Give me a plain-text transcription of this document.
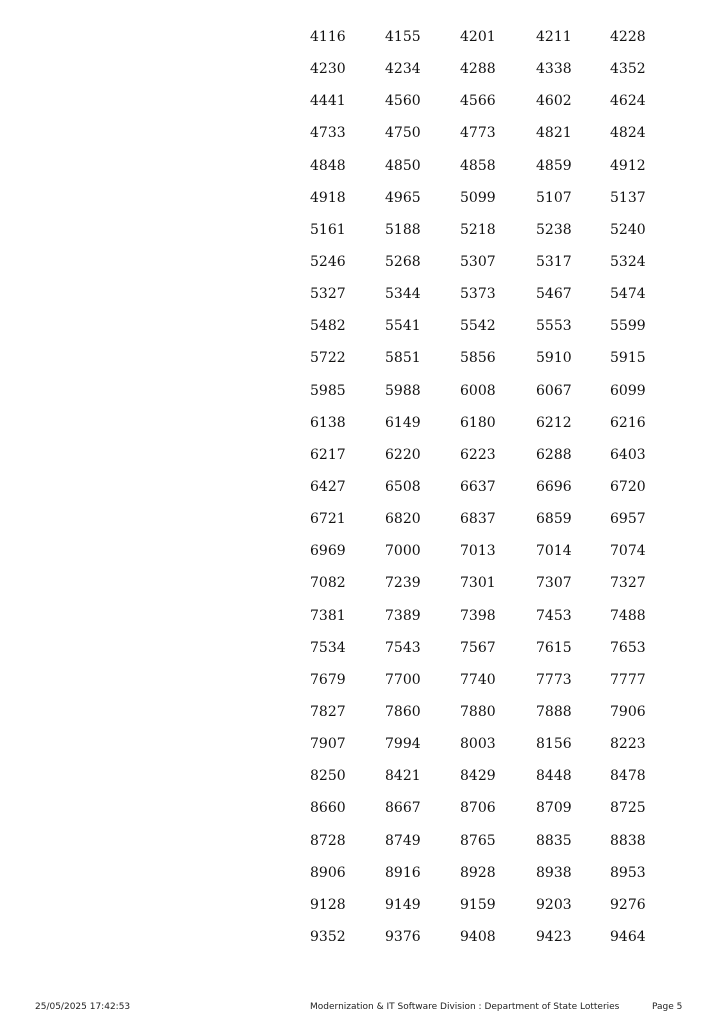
4116	4155	4201	4211	4228
4230	4234	4288	4338	4352
4441	4560	4566	4602	4624
4733	4750	4773	4821	4824
4848	4850	4858	4859	4912
4918	4965	5099	5107	5137
5161	5188	5218	5238	5240
5246	5268	5307	5317	5324
5327	5344	5373	5467	5474
5482	5541	5542	5553	5599
5722	5851	5856	5910	5915
5985	5988	6008	6067	6099
6138	6149	6180	6212	6216
6217	6220	6223	6288	6403
6427	6508	6637	6696	6720
6721	6820	6837	6859	6957
6969	7000	7013	7014	7074
7082	7239	7301	7307	7327
7381	7389	7398	7453	7488
7534	7543	7567	7615	7653
7679	7700	7740	7773	7777
7827	7860	7880	7888	7906
7907	7994	8003	8156	8223
8250	8421	8429	8448	8478
8660	8667	8706	8709	8725
8728	8749	8765	8835	8838
8906	8916	8928	8938	8953
9128	9149	9159	9203	9276
9352	9376	9408	9423	9464
25/05/2025 17:42:53	Modernization & IT Software Division : Department of State Lotteries	Page 5
